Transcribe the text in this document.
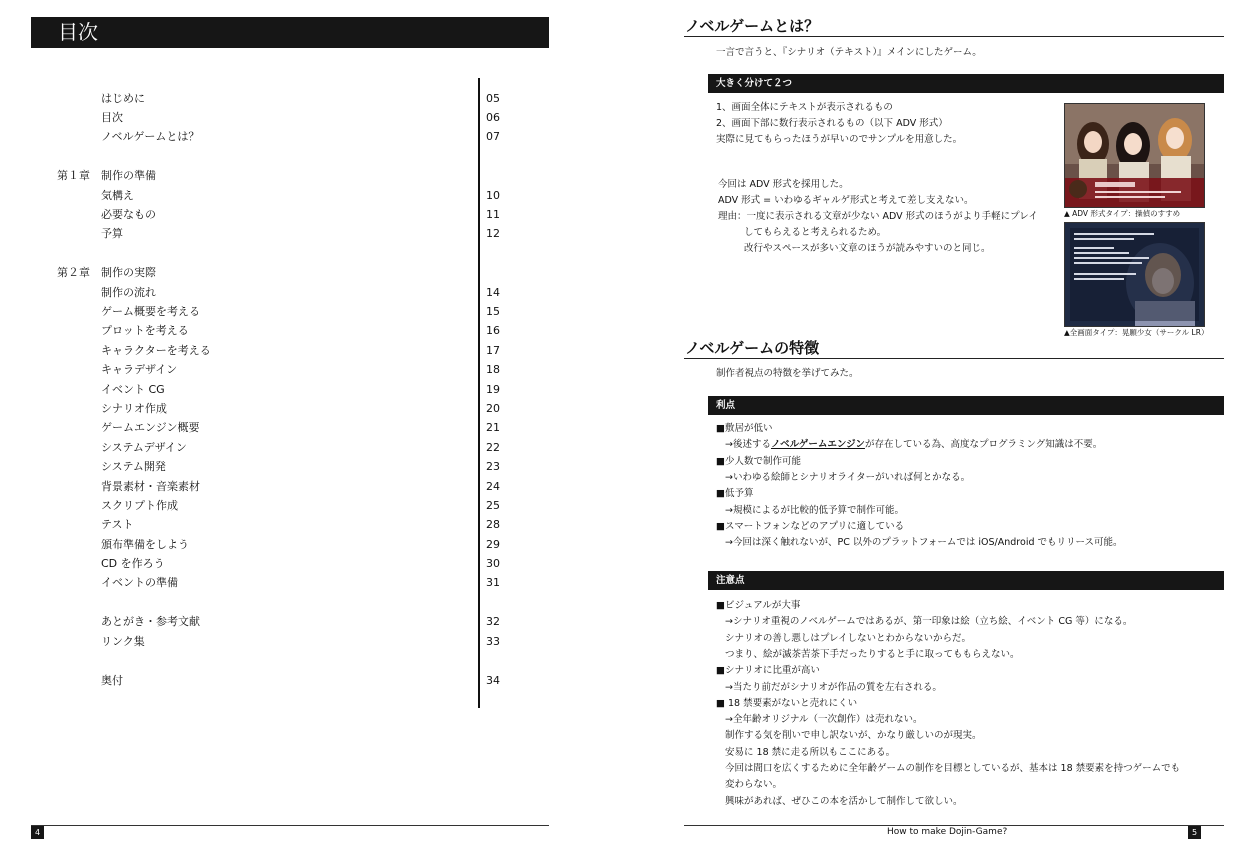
目次
はじめに	05
目次	06
ノベルゲームとは？	07
第１章 制作の準備
気構え	10
必要なもの	11
予算	12
第２章 制作の実際
制作の流れ	14
ゲーム概要を考える	15
プロットを考える	16
キャラクターを考える	17
キャラデザイン	18
イベント CG	19
シナリオ作成	20
ゲームエンジン概要	21
システムデザイン	22
システム開発	23
背景素材・音楽素材	24
スクリプト作成	25
テスト	28
頒布準備をしよう	29
CD を作ろう	30
イベントの準備	31
あとがき・参考文献	32
リンク集	33
奥付	34
4
ノベルゲームとは？
一言で言うと、『シナリオ（テキスト）』メインにしたゲーム。
大きく分けて２つ
1、画面全体にテキストが表示されるもの
2、画面下部に数行表示されるもの（以下 ADV 形式）
実際に見てもらったほうが早いのでサンプルを用意した。
今回は ADV 形式を採用した。
ADV 形式 = いわゆるギャルゲ形式と考えて差し支えない。
理由：一度に表示される文章が少ない ADV 形式のほうがより手軽にプレイ
してもらえると考えられるため。
改行やスペースが多い文章のほうが読みやすいのと同じ。
▲ ADV 形式タイプ：操偵のすすめ
▲全画面タイプ：晃願少女（サークル LR）
ノベルゲームの特徴
制作者視点の特徴を挙げてみた。
利点
■敷居が低い
→後述するノベルゲームエンジンが存在している為、高度なプログラミング知識は不要。
■少人数で制作可能
→いわゆる絵師とシナリオライターがいれば何とかなる。
■低予算
→規模によるが比較的低予算で制作可能。
■スマートフォンなどのアプリに適している
→今回は深く触れないが、PC 以外のプラットフォームでは iOS/Android でもリリース可能。
注意点
■ビジュアルが大事
→シナリオ重視のノベルゲームではあるが、第一印象は絵（立ち絵、イベント CG 等）になる。
シナリオの善し悪しはプレイしないとわからないからだ。
つまり、絵が滅茶苦茶下手だったりすると手に取ってももらえない。
■シナリオに比重が高い
→当たり前だがシナリオが作品の質を左右される。
■ 18 禁要素がないと売れにくい
→全年齢オリジナル（一次創作）は売れない。
制作する気を削いで申し訳ないが、かなり厳しいのが現実。
安易に 18 禁に走る所以もここにある。
今回は間口を広くするために全年齢ゲームの制作を目標としているが、基本は 18 禁要素を持つゲームでも
変わらない。
興味があれば、ぜひこの本を活かして制作して欲しい。
How to make Dojin-Game?	5
